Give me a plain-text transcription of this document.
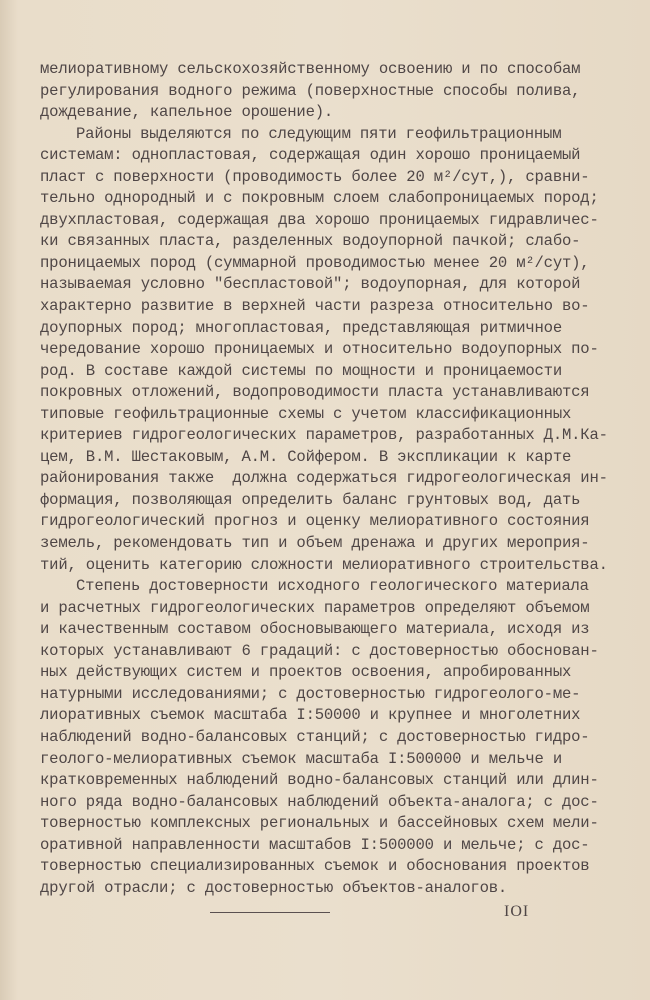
мелиоративному сельскохозяйственному освоению и по способам
регулирования водного режима (поверхностные способы полива,
дождевание, капельное орошение).
Районы выделяются по следующим пяти геофильтрационным
системам: однопластовая, содержащая один хорошо проницаемый
пласт с поверхности (проводимость более 20 м²/сут,), сравни-
тельно однородный и с покровным слоем слабопроницаемых пород;
двухпластовая, содержащая два хорошо проницаемых гидравличес-
ки связанных пласта, разделенных водоупорной пачкой; слабо-
проницаемых пород (суммарной проводимостью менее 20 м²/сут),
называемая условно "беспластовой"; водоупорная, для которой
характерно развитие в верхней части разреза относительно во-
доупорных пород; многопластовая, представляющая ритмичное
чередование хорошо проницаемых и относительно водоупорных по-
род. В составе каждой системы по мощности и проницаемости
покровных отложений, водопроводимости пласта устанавливаются
типовые геофильтрационные схемы с учетом классификационных
критериев гидрогеологических параметров, разработанных Д.М.Ка-
цем, В.М. Шестаковым, А.М. Сойфером. В экспликации к карте
районирования также  должна содержаться гидрогеологическая ин-
формация, позволяющая определить баланс грунтовых вод, дать
гидрогеологический прогноз и оценку мелиоративного состояния
земель, рекомендовать тип и объем дренажа и других мероприя-
тий, оценить категорию сложности мелиоративного строительства.
Степень достоверности исходного геологического материала
и расчетных гидрогеологических параметров определяют объемом
и качественным составом обосновывающего материала, исходя из
которых устанавливают 6 градаций: с достоверностью обоснован-
ных действующих систем и проектов освоения, апробированных
натурными исследованиями; с достоверностью гидрогеолого-ме-
лиоративных съемок масштаба I:50000 и крупнее и многолетних
наблюдений водно-балансовых станций; с достоверностью гидро-
геолого-мелиоративных съемок масштаба I:500000 и мельче и
кратковременных наблюдений водно-балансовых станций или длин-
ного ряда водно-балансовых наблюдений объекта-аналога; с дос-
товерностью комплексных региональных и бассейновых схем мели-
оративной направленности масштабов I:500000 и мельче; с дос-
товерностью специализированных съемок и обоснования проектов
другой отрасли; с достоверностью объектов-аналогов.
IOI
